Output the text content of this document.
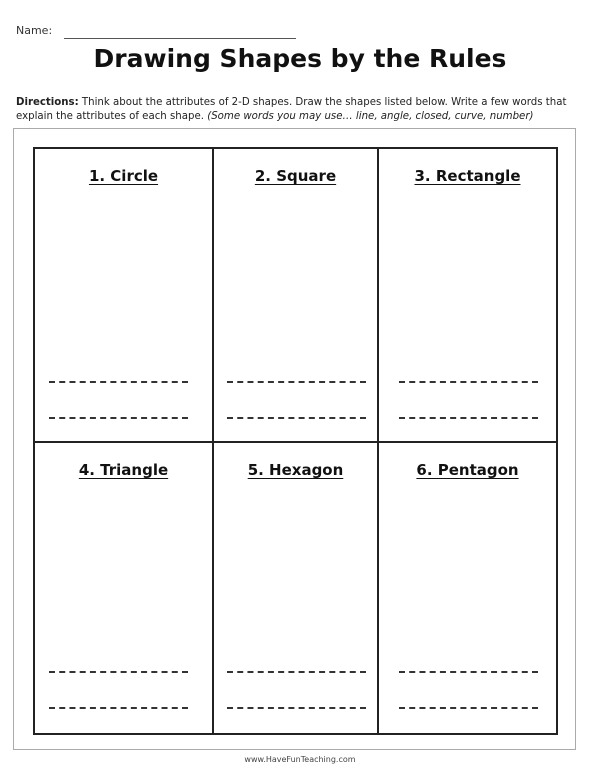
Name:
Drawing Shapes by the Rules
Directions: Think about the attributes of 2-D shapes. Draw the shapes listed below. Write a few words that explain the attributes of each shape. (Some words you may use… line, angle, closed, curve, number)
1. Circle	2. Square	3. Rectangle
4. Triangle	5. Hexagon	6. Pentagon
www.HaveFunTeaching.com
